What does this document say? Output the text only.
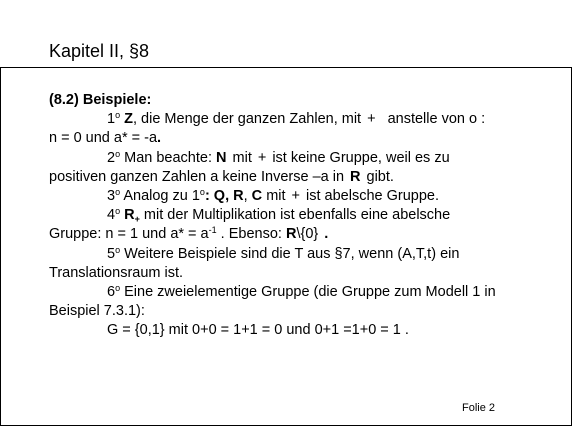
Kapitel II, §8
(8.2) Beispiele:
1$^o$ Z, die Menge der ganzen Zahlen, mit + anstelle von o :
n = 0 und a* = -a.
2$^o$ Man beachte: N mit + ist keine Gruppe, weil es zu
positiven ganzen Zahlen a keine Inverse –a in R gibt.
3$^o$ Analog zu 1$^o$: Q, R, C mit + ist abelsche Gruppe.
4$^o$ $R_+$ mit der Multiplikation ist ebenfalls eine abelsche
Gruppe: n = 1 und $a* = a^{-1}$ . Ebenso: R\{0} .
5$^o$ Weitere Beispiele sind die T aus §7, wenn (A,T,t) ein
Translationsraum ist.
6$^o$ Eine zweielementige Gruppe (die Gruppe zum Modell 1 in
Beispiel 7.3.1):
G = {0,1} mit 0+0 = 1+1 = 0 und 0+1 =1+0 = 1 .
Folie 2
